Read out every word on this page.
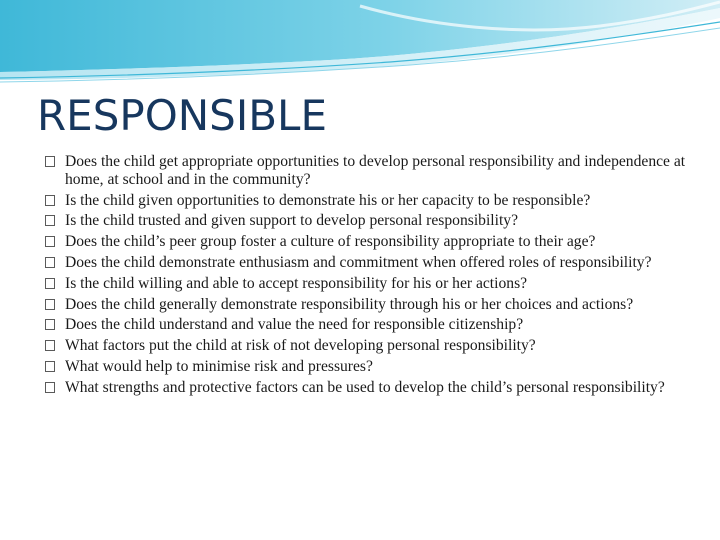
RESPONSIBLE
Does the child get appropriate opportunities to develop personal responsibility and independence at home, at school and in the community?
Is the child given opportunities to demonstrate his or her capacity to be responsible?
Is the child trusted and given support to develop personal responsibility?
Does the child’s peer group foster a culture of responsibility appropriate to their age?
Does the child demonstrate enthusiasm and commitment when offered roles of responsibility?
Is the child willing and able to accept responsibility for his or her actions?
Does the child generally demonstrate responsibility through his or her choices and actions?
Does the child understand and value the need for responsible citizenship?
What factors put the child at risk of not developing personal responsibility?
What would help to minimise risk and pressures?
What strengths and protective factors can be used to develop the child’s personal responsibility?
